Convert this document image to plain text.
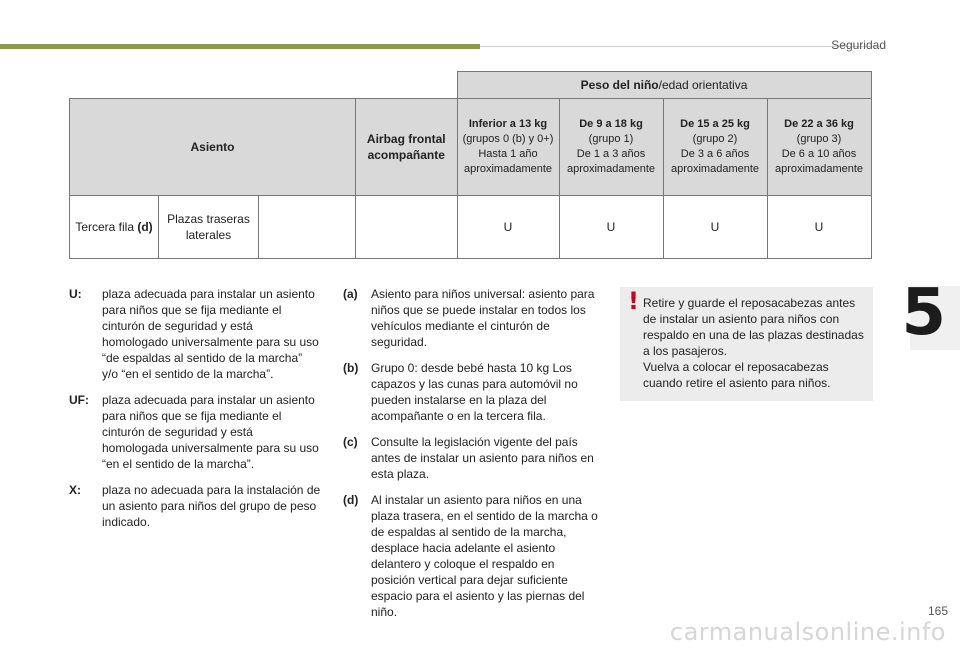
Seguridad
5
				Peso del niño/edad orientativa			
Asiento			Airbag frontal acompañante	Inferior a 13 kg
(grupos 0 (b) y 0+)
Hasta 1 año
aproximadamente	De 9 a 18 kg
(grupo 1)
De 1 a 3 años
aproximadamente	De 15 a 25 kg
(grupo 2)
De 3 a 6 años
aproximadamente	De 22 a 36 kg
(grupo 3)
De 6 a 10 años
aproximadamente

Tercera fila (d)	Plazas traseras laterales			U	U	U	U
U:	plaza adecuada para instalar un asiento para niños que se fija mediante el cinturón de seguridad y está homologado universalmente para su uso “de espaldas al sentido de la marcha” y/o “en el sentido de la marcha”.
UF:	plaza adecuada para instalar un asiento para niños que se fija mediante el cinturón de seguridad y está homologada universalmente para su uso “en el sentido de la marcha”.
X:	plaza no adecuada para la instalación de un asiento para niños del grupo de peso indicado.
(a)	Asiento para niños universal: asiento para niños que se puede instalar en todos los vehículos mediante el cinturón de seguridad.
(b)	Grupo 0: desde bebé hasta 10 kg Los capazos y las cunas para automóvil no pueden instalarse en la plaza del acompañante o en la tercera fila.
(c)	Consulte la legislación vigente del país antes de instalar un asiento para niños en esta plaza.
(d)	Al instalar un asiento para niños en una plaza trasera, en el sentido de la marcha o de espaldas al sentido de la marcha, desplace hacia adelante el asiento delantero y coloque el respaldo en posición vertical para dejar suficiente espacio para el asiento y las piernas del niño.
! Retire y guarde el reposacabezas antes de instalar un asiento para niños con respaldo en una de las plazas destinadas a los pasajeros.
Vuelva a colocar el reposacabezas cuando retire el asiento para niños.
165
carmanualsonline.info
